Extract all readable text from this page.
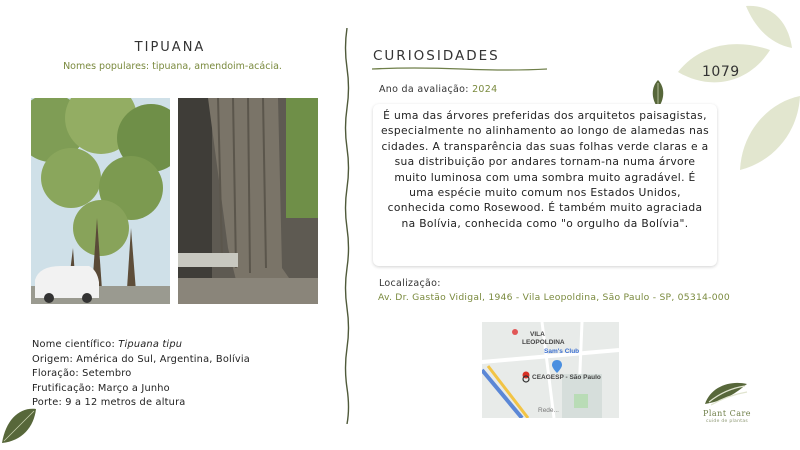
TIPUANA
Nomes populares: tipuana, amendoim-acácia.
Nome científico: Tipuana tipu
Origem: América do Sul, Argentina, Bolívia
Floração: Setembro
Frutificação: Março a Junho
Porte: 9 a 12 metros de altura
CURIOSIDADES
Ano da avaliação: 2024

É uma das árvores preferidas dos arquitetos paisagistas, especialmente no alinhamento ao longo de alamedas nas cidades. A transparência das suas folhas verde claras e a sua distribuição por andares tornam-na numa árvore muito luminosa com uma sombra muito agradável. É uma espécie muito comum nos Estados Unidos, conhecida como Rosewood. É também muito agraciada na Bolívia, conhecida como "o orgulho da Bolívia".

Localização:
Av. Dr. Gastão Vidigal, 1946 - Vila Leopoldina, São Paulo - SP, 05314-000
VILA
LEOPOLDINA
Sam's Club
CEAGESP - São Paulo
Rede...
1079
Plant Care
cuide de plantas
